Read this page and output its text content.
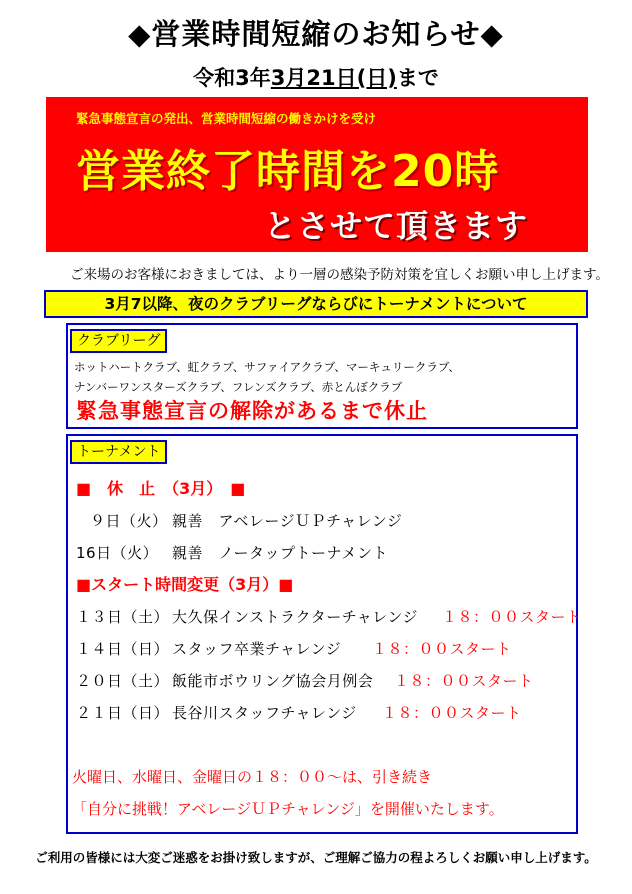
◆営業時間短縮のお知らせ◆
令和3年3月21日(日)まで
緊急事態宣言の発出、営業時間短縮の働きかけを受け
営業終了時間を20時
とさせて頂きます
ご来場のお客様におきましては、より一層の感染予防対策を宜しくお願い申し上げます。
3月7以降、夜のクラブリーグならびにトーナメントについて
クラブリーグ
ホットハートクラブ、虹クラブ、サファイアクラブ、マーキュリークラブ、
ナンバーワンスターズクラブ、フレンズクラブ、赤とんぼクラブ
緊急事態宣言の解除があるまで休止
トーナメント
■　休　止　（3月）　■
９日（火） 親善　アベレージＵＰチャレンジ
16日（火） 親善　ノータップトーナメント
■スタート時間変更（3月）■
１３日（土） 大久保インストラクターチャレンジ １８：００スタート
１４日（日） スタッフ卒業チャレンジ １８：００スタート
２０日（土） 飯能市ボウリング協会月例会 １８：００スタート
２１日（日） 長谷川スタッフチャレンジ １８：００スタート
火曜日、水曜日、金曜日の１８：００～は、引き続き
「自分に挑戦！アベレージＵＰチャレンジ」を開催いたします。
ご利用の皆様には大変ご迷惑をお掛け致しますが、ご理解ご協力の程よろしくお願い申し上げます。
